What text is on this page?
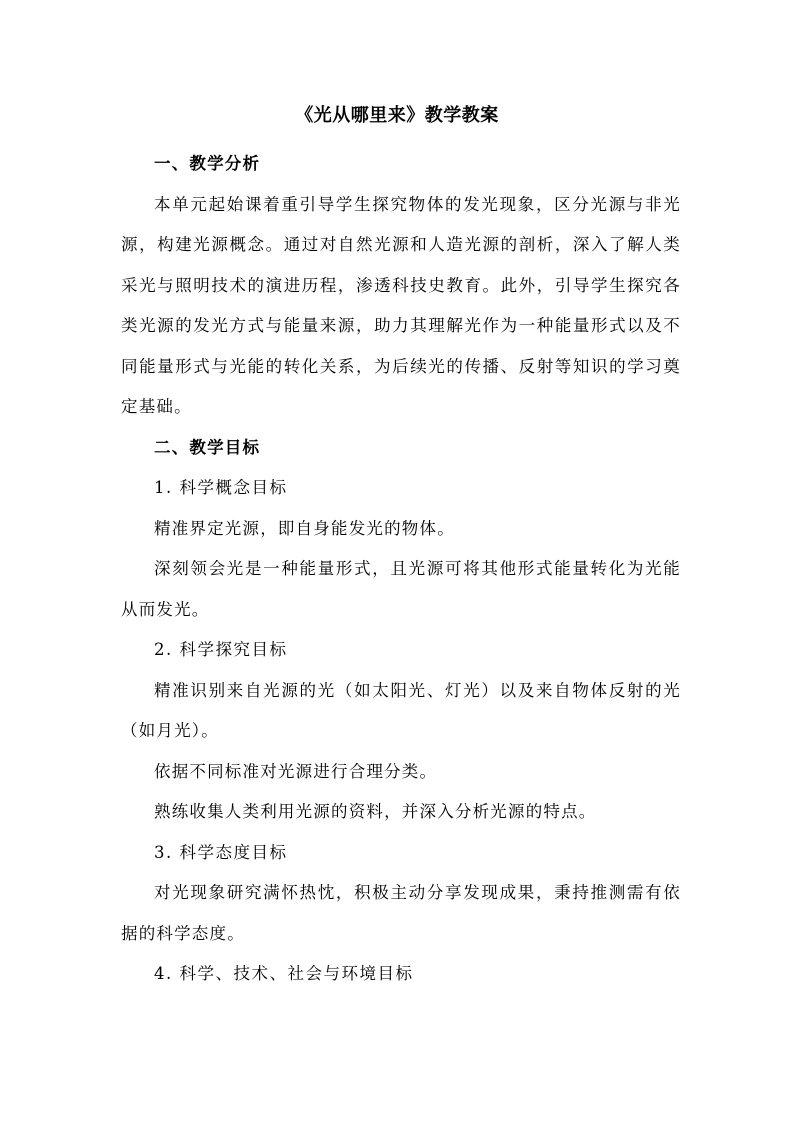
《光从哪里来》教学教案

一、教学分析

本单元起始课着重引导学生探究物体的发光现象，区分光源与非光源，构建光源概念。通过对自然光源和人造光源的剖析，深入了解人类采光与照明技术的演进历程，渗透科技史教育。此外，引导学生探究各类光源的发光方式与能量来源，助力其理解光作为一种能量形式以及不同能量形式与光能的转化关系，为后续光的传播、反射等知识的学习奠定基础。

二、教学目标

1. 科学概念目标

精准界定光源，即自身能发光的物体。

深刻领会光是一种能量形式，且光源可将其他形式能量转化为光能从而发光。

2. 科学探究目标

精准识别来自光源的光（如太阳光、灯光）以及来自物体反射的光（如月光）。

依据不同标准对光源进行合理分类。

熟练收集人类利用光源的资料，并深入分析光源的特点。

3. 科学态度目标

对光现象研究满怀热忱，积极主动分享发现成果，秉持推测需有依据的科学态度。

4. 科学、技术、社会与环境目标
